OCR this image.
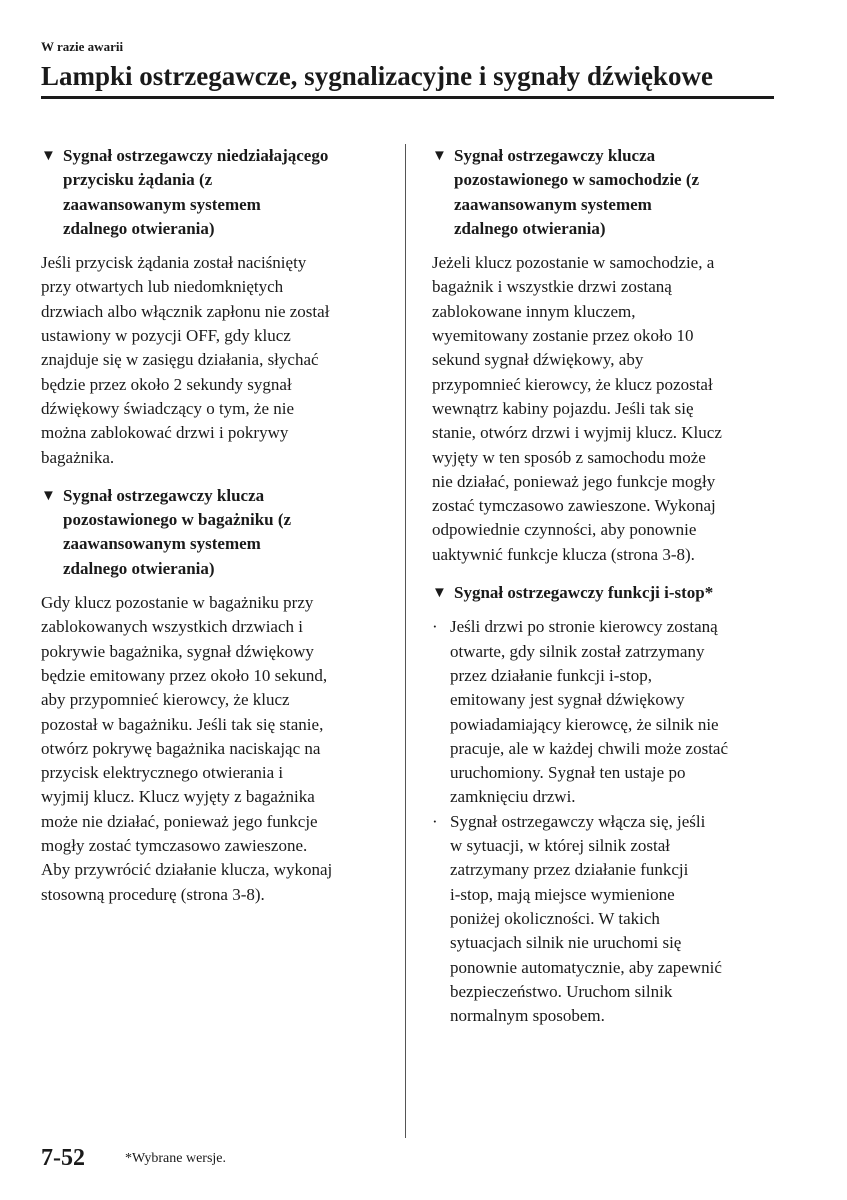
W razie awarii
Lampki ostrzegawcze, sygnalizacyjne i sygnały dźwiękowe
▼ Sygnał ostrzegawczy niedziałającego
przycisku żądania (z
zaawansowanym systemem
zdalnego otwierania)
Jeśli przycisk żądania został naciśnięty
przy otwartych lub niedomkniętych
drzwiach albo włącznik zapłonu nie został
ustawiony w pozycji OFF, gdy klucz
znajduje się w zasięgu działania, słychać
będzie przez około 2 sekundy sygnał
dźwiękowy świadczący o tym, że nie
można zablokować drzwi i pokrywy
bagażnika.
▼ Sygnał ostrzegawczy klucza
pozostawionego w bagażniku (z
zaawansowanym systemem
zdalnego otwierania)
Gdy klucz pozostanie w bagażniku przy
zablokowanych wszystkich drzwiach i
pokrywie bagażnika, sygnał dźwiękowy
będzie emitowany przez około 10 sekund,
aby przypomnieć kierowcy, że klucz
pozostał w bagażniku. Jeśli tak się stanie,
otwórz pokrywę bagażnika naciskając na
przycisk elektrycznego otwierania i
wyjmij klucz. Klucz wyjęty z bagażnika
może nie działać, ponieważ jego funkcje
mogły zostać tymczasowo zawieszone.
Aby przywrócić działanie klucza, wykonaj
stosowną procedurę (strona 3-8).
▼ Sygnał ostrzegawczy klucza
pozostawionego w samochodzie (z
zaawansowanym systemem
zdalnego otwierania)
Jeżeli klucz pozostanie w samochodzie, a
bagażnik i wszystkie drzwi zostaną
zablokowane innym kluczem,
wyemitowany zostanie przez około 10
sekund sygnał dźwiękowy, aby
przypomnieć kierowcy, że klucz pozostał
wewnątrz kabiny pojazdu. Jeśli tak się
stanie, otwórz drzwi i wyjmij klucz. Klucz
wyjęty w ten sposób z samochodu może
nie działać, ponieważ jego funkcje mogły
zostać tymczasowo zawieszone. Wykonaj
odpowiednie czynności, aby ponownie
uaktywnić funkcje klucza (strona 3-8).
▼ Sygnał ostrzegawczy funkcji i-stop*
· Jeśli drzwi po stronie kierowcy zostaną
otwarte, gdy silnik został zatrzymany
przez działanie funkcji i-stop,
emitowany jest sygnał dźwiękowy
powiadamiający kierowcę, że silnik nie
pracuje, ale w każdej chwili może zostać
uruchomiony. Sygnał ten ustaje po
zamknięciu drzwi.
· Sygnał ostrzegawczy włącza się, jeśli
w sytuacji, w której silnik został
zatrzymany przez działanie funkcji
i-stop, mają miejsce wymienione
poniżej okoliczności. W takich
sytuacjach silnik nie uruchomi się
ponownie automatycznie, aby zapewnić
bezpieczeństwo. Uruchom silnik
normalnym sposobem.
7-52	*Wybrane wersje.
